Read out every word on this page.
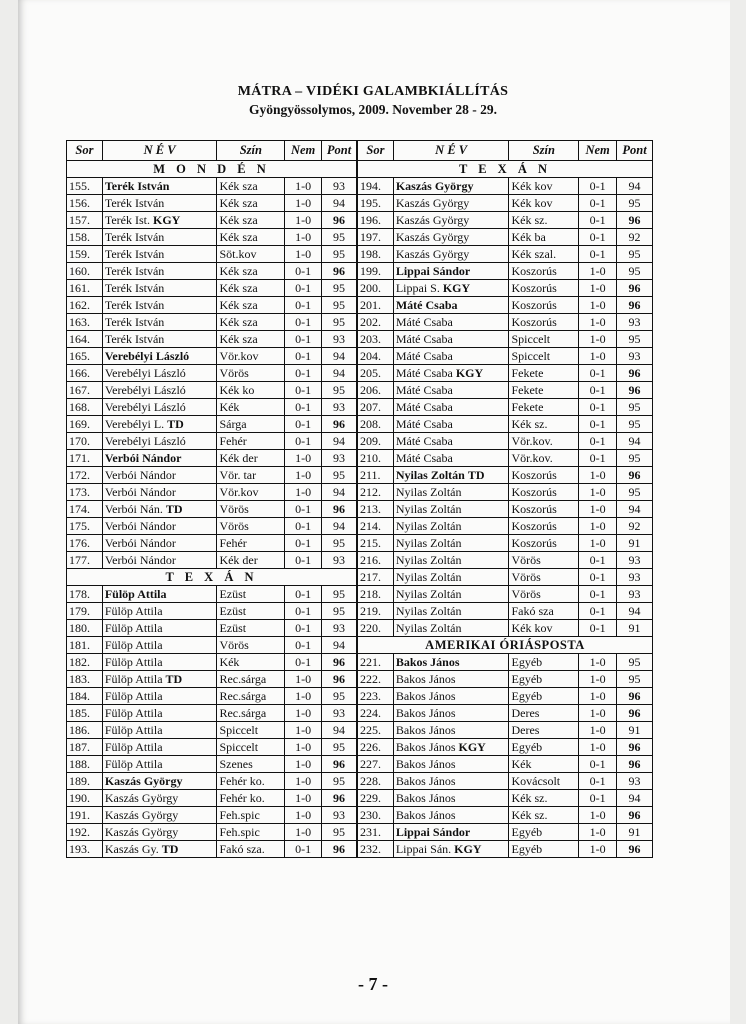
MÁTRA – VIDÉKI GALAMBKIÁLLÍTÁS
Gyöngyössolymos, 2009. November 28 - 29.
Sor	N É V	Szín	Nem	Pont
M O N D É N				
155.	Terék István	Kék sza	1-0	93
156.	Terék István	Kék sza	1-0	94
157.	Terék Ist. KGY	Kék sza	1-0	96
158.	Terék István	Kék sza	1-0	95
159.	Terék István	Söt.kov	1-0	95
160.	Terék István	Kék sza	0-1	96
161.	Terék István	Kék sza	0-1	95
162.	Terék István	Kék sza	0-1	95
163.	Terék István	Kék sza	0-1	95
164.	Terék István	Kék sza	0-1	93
165.	Verebélyi László	Vör.kov	0-1	94
166.	Verebélyi László	Vörös	0-1	94
167.	Verebélyi László	Kék ko	0-1	95
168.	Verebélyi László	Kék	0-1	93
169.	Verebélyi L. TD	Sárga	0-1	96
170.	Verebélyi László	Fehér	0-1	94
171.	Verbói Nándor	Kék der	1-0	93
172.	Verbói Nándor	Vör. tar	1-0	95
173.	Verbói Nándor	Vör.kov	1-0	94
174.	Verbói Nán. TD	Vörös	0-1	96
175.	Verbói Nándor	Vörös	0-1	94
176.	Verbói Nándor	Fehér	0-1	95
177.	Verbói Nándor	Kék der	0-1	93
T E X Á N				
178.	Fülöp Attila	Ezüst	0-1	95
179.	Fülöp Attila	Ezüst	0-1	95
180.	Fülöp Attila	Ezüst	0-1	93
181.	Fülöp Attila	Vörös	0-1	94
182.	Fülöp Attila	Kék	0-1	96
183.	Fülöp Attila TD	Rec.sárga	1-0	96
184.	Fülöp Attila	Rec.sárga	1-0	95
185.	Fülöp Attila	Rec.sárga	1-0	93
186.	Fülöp Attila	Spiccelt	1-0	94
187.	Fülöp Attila	Spiccelt	1-0	95
188.	Fülöp Attila	Szenes	1-0	96
189.	Kaszás György	Fehér ko.	1-0	95
190.	Kaszás György	Fehér ko.	1-0	96
191.	Kaszás György	Feh.spic	1-0	93
192.	Kaszás György	Feh.spic	1-0	95
193.	Kaszás Gy. TD	Fakó sza.	0-1	96
Sor	N É V	Szín	Nem	Pont
T E X Á N				
194.	Kaszás György	Kék kov	0-1	94
195.	Kaszás György	Kék kov	0-1	95
196.	Kaszás György	Kék sz.	0-1	96
197.	Kaszás György	Kék ba	0-1	92
198.	Kaszás György	Kék szal.	0-1	95
199.	Lippai Sándor	Koszorús	1-0	95
200.	Lippai S. KGY	Koszorús	1-0	96
201.	Máté Csaba	Koszorús	1-0	96
202.	Máté Csaba	Koszorús	1-0	93
203.	Máté Csaba	Spiccelt	1-0	95
204.	Máté Csaba	Spiccelt	1-0	93
205.	Máté Csaba KGY	Fekete	0-1	96
206.	Máté Csaba	Fekete	0-1	96
207.	Máté Csaba	Fekete	0-1	95
208.	Máté Csaba	Kék sz.	0-1	95
209.	Máté Csaba	Vör.kov.	0-1	94
210.	Máté Csaba	Vör.kov.	0-1	95
211.	Nyilas Zoltán TD	Koszorús	1-0	96
212.	Nyilas Zoltán	Koszorús	1-0	95
213.	Nyilas Zoltán	Koszorús	1-0	94
214.	Nyilas Zoltán	Koszorús	1-0	92
215.	Nyilas Zoltán	Koszorús	1-0	91
216.	Nyilas Zoltán	Vörös	0-1	93
217.	Nyilas Zoltán	Vörös	0-1	93
218.	Nyilas Zoltán	Vörös	0-1	93
219.	Nyilas Zoltán	Fakó sza	0-1	94
220.	Nyilas Zoltán	Kék kov	0-1	91
AMERIKAI ÓRIÁSPOSTA				
221.	Bakos János	Egyéb	1-0	95
222.	Bakos János	Egyéb	1-0	95
223.	Bakos János	Egyéb	1-0	96
224.	Bakos János	Deres	1-0	96
225.	Bakos János	Deres	1-0	91
226.	Bakos János KGY	Egyéb	1-0	96
227.	Bakos János	Kék	0-1	96
228.	Bakos János	Kovácsolt	0-1	93
229.	Bakos János	Kék sz.	0-1	94
230.	Bakos János	Kék sz.	1-0	96
231.	Lippai Sándor	Egyéb	1-0	91
232.	Lippai Sán. KGY	Egyéb	1-0	96
- 7 -
